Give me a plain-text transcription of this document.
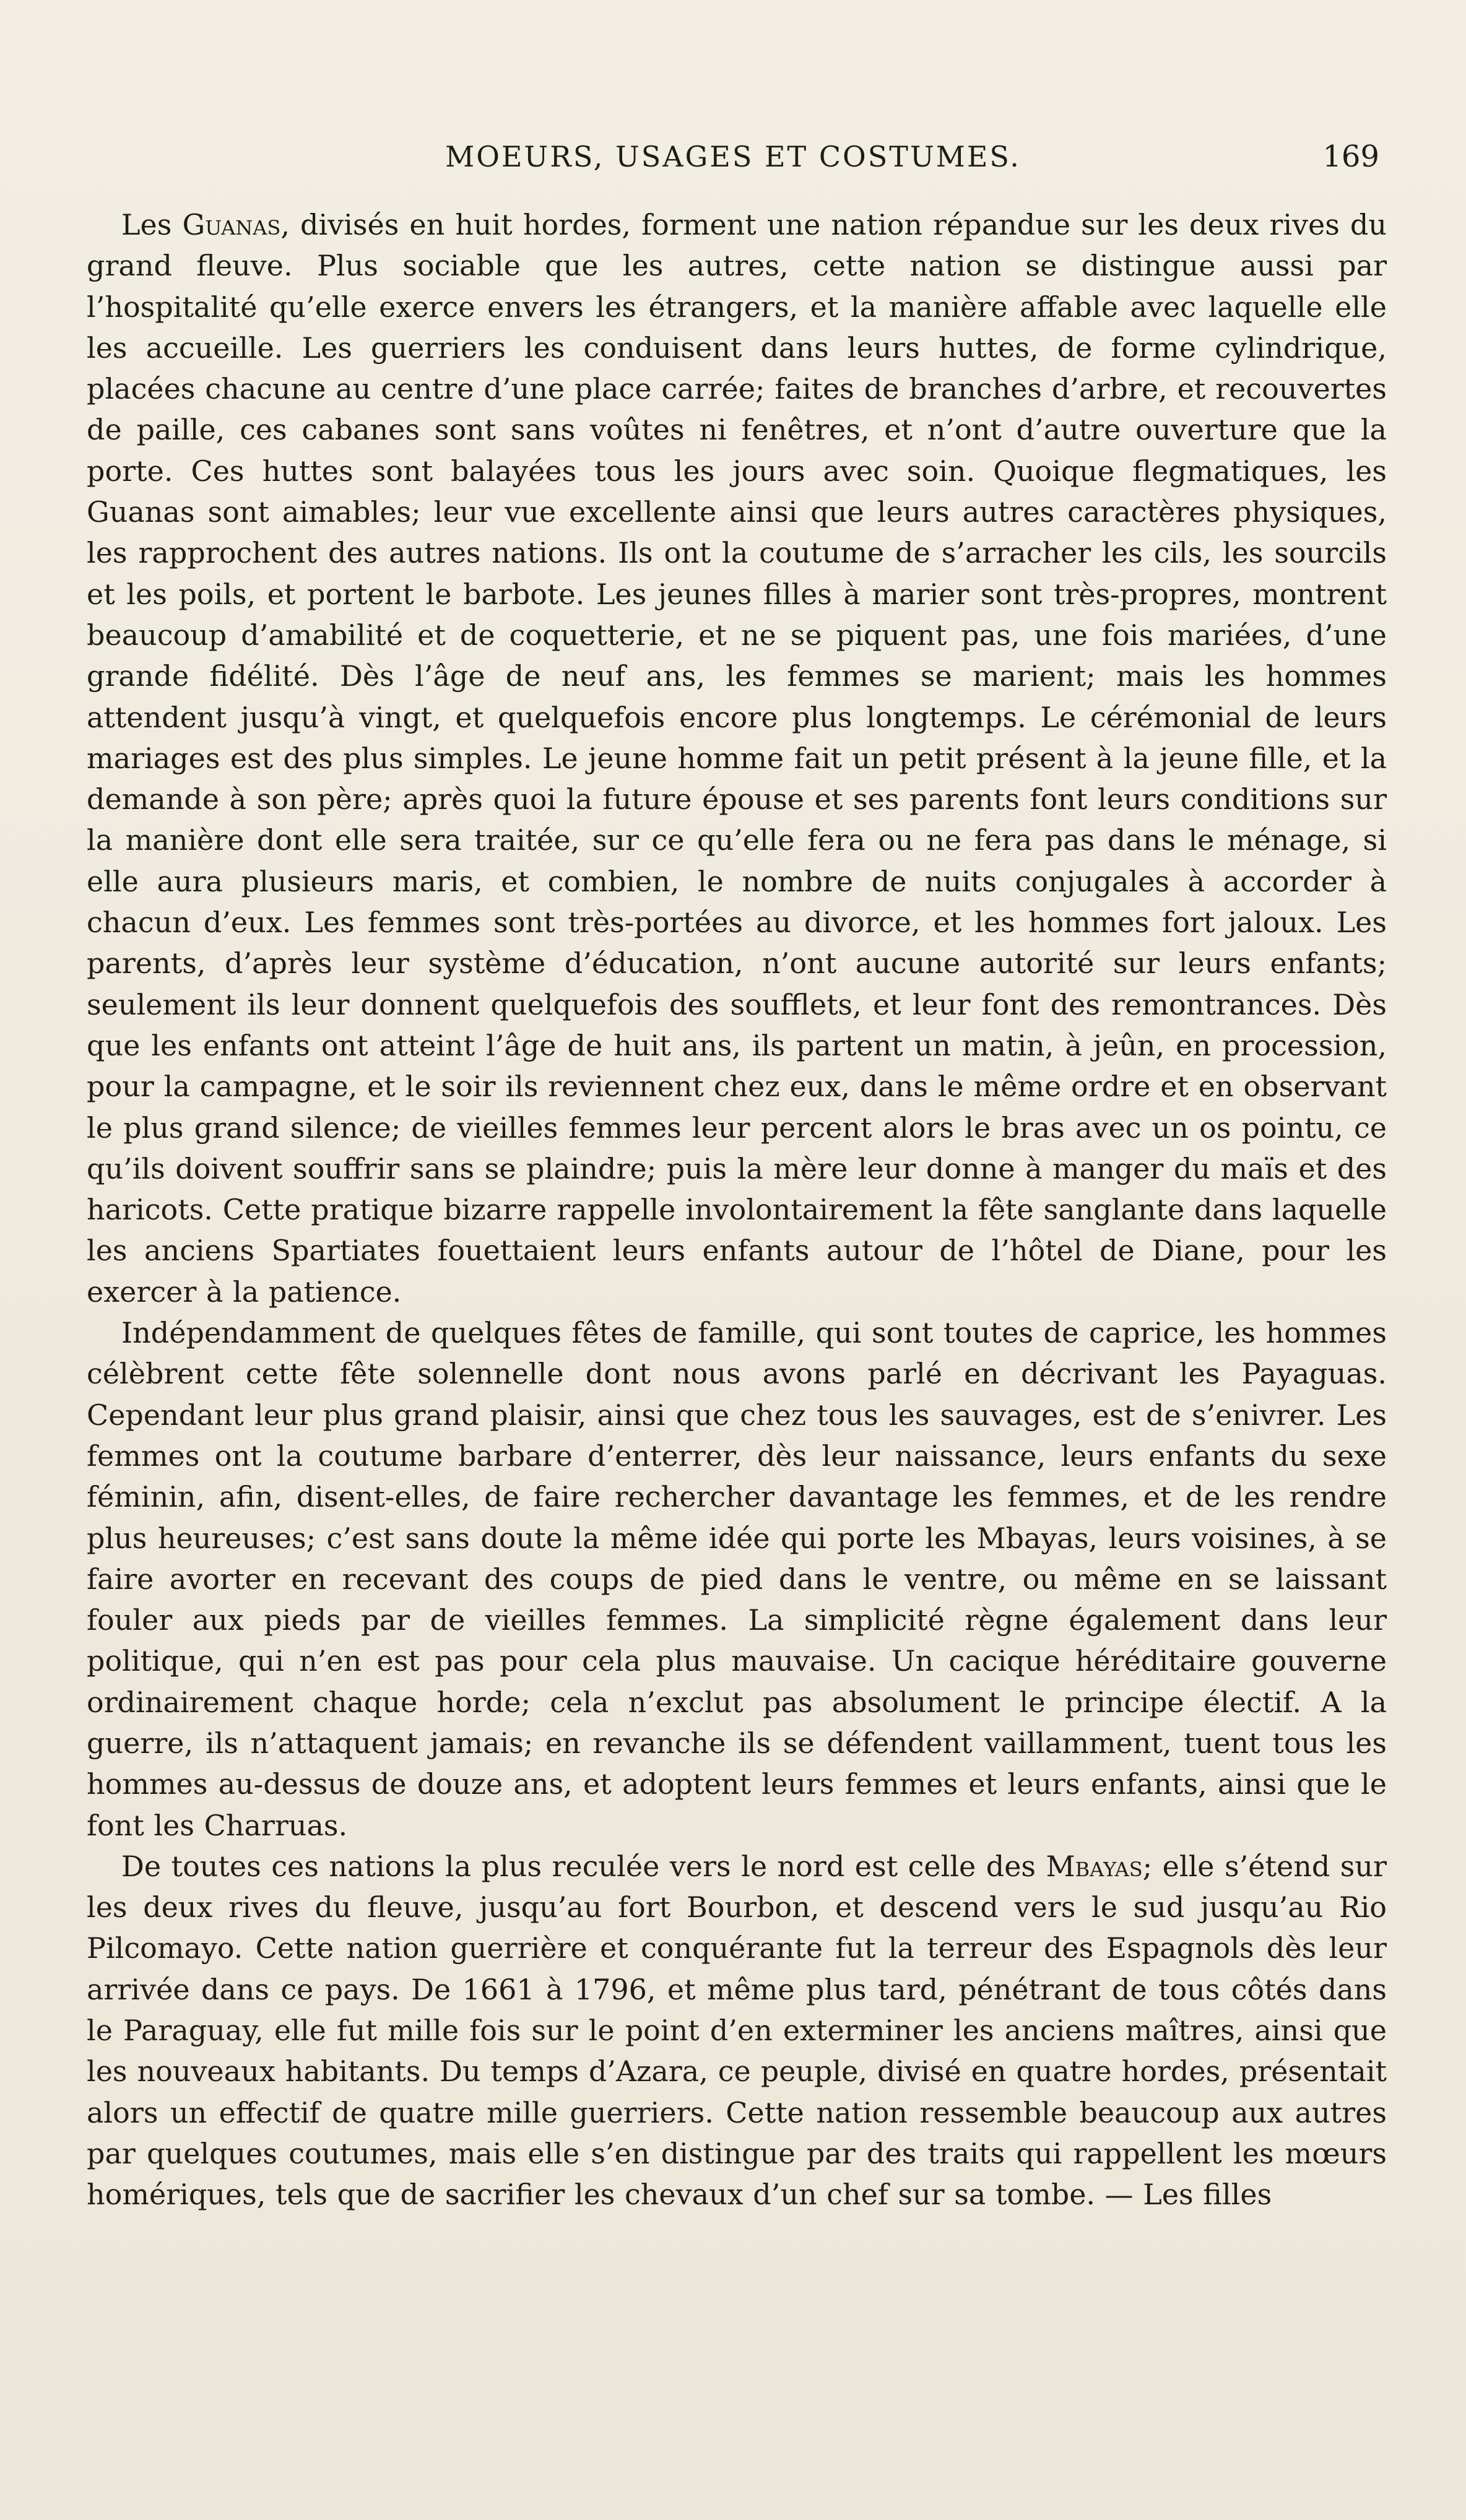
MOEURS, USAGES ET COSTUMES.	169

Les Guanas, divisés en huit hordes, forment une nation répandue sur les deux rives du grand fleuve. Plus sociable que les autres, cette nation se distingue aussi par l’hospitalité qu’elle exerce envers les étrangers, et la manière affable avec laquelle elle les accueille. Les guerriers les conduisent dans leurs huttes, de forme cylindrique, placées chacune au centre d’une place carrée; faites de branches d’arbre, et recouvertes de paille, ces cabanes sont sans voûtes ni fenêtres, et n’ont d’autre ouverture que la porte. Ces huttes sont balayées tous les jours avec soin. Quoique flegmatiques, les Guanas sont aimables; leur vue excellente ainsi que leurs autres caractères physiques, les rapprochent des autres nations. Ils ont la coutume de s’arracher les cils, les sourcils et les poils, et portent le barbote. Les jeunes filles à marier sont très-propres, montrent beaucoup d’amabilité et de coquetterie, et ne se piquent pas, une fois mariées, d’une grande fidélité. Dès l’âge de neuf ans, les femmes se marient; mais les hommes attendent jusqu’à vingt, et quelquefois encore plus longtemps. Le cérémonial de leurs mariages est des plus simples. Le jeune homme fait un petit présent à la jeune fille, et la demande à son père; après quoi la future épouse et ses parents font leurs conditions sur la manière dont elle sera traitée, sur ce qu’elle fera ou ne fera pas dans le ménage, si elle aura plusieurs maris, et combien, le nombre de nuits conjugales à accorder à chacun d’eux. Les femmes sont très-portées au divorce, et les hommes fort jaloux. Les parents, d’après leur système d’éducation, n’ont aucune autorité sur leurs enfants; seulement ils leur donnent quelquefois des soufflets, et leur font des remontrances. Dès que les enfants ont atteint l’âge de huit ans, ils partent un matin, à jeûn, en procession, pour la campagne, et le soir ils reviennent chez eux, dans le même ordre et en observant le plus grand silence; de vieilles femmes leur percent alors le bras avec un os pointu, ce qu’ils doivent souffrir sans se plaindre; puis la mère leur donne à manger du maïs et des haricots. Cette pratique bizarre rappelle involontairement la fête sanglante dans laquelle les anciens Spartiates fouettaient leurs enfants autour de l’hôtel de Diane, pour les exercer à la patience.

Indépendamment de quelques fêtes de famille, qui sont toutes de caprice, les hommes célèbrent cette fête solennelle dont nous avons parlé en décrivant les Payaguas. Cependant leur plus grand plaisir, ainsi que chez tous les sauvages, est de s’enivrer. Les femmes ont la coutume barbare d’enterrer, dès leur naissance, leurs enfants du sexe féminin, afin, disent-elles, de faire rechercher davantage les femmes, et de les rendre plus heureuses; c’est sans doute la même idée qui porte les Mbayas, leurs voisines, à se faire avorter en recevant des coups de pied dans le ventre, ou même en se laissant fouler aux pieds par de vieilles femmes. La simplicité règne également dans leur politique, qui n’en est pas pour cela plus mauvaise. Un cacique héréditaire gouverne ordinairement chaque horde; cela n’exclut pas absolument le principe électif. A la guerre, ils n’attaquent jamais; en revanche ils se défendent vaillamment, tuent tous les hommes au-dessus de douze ans, et adoptent leurs femmes et leurs enfants, ainsi que le font les Charruas.

De toutes ces nations la plus reculée vers le nord est celle des Mbayas; elle s’étend sur les deux rives du fleuve, jusqu’au fort Bourbon, et descend vers le sud jusqu’au Rio Pilcomayo. Cette nation guerrière et conquérante fut la terreur des Espagnols dès leur arrivée dans ce pays. De 1661 à 1796, et même plus tard, pénétrant de tous côtés dans le Paraguay, elle fut mille fois sur le point d’en exterminer les anciens maîtres, ainsi que les nouveaux habitants. Du temps d’Azara, ce peuple, divisé en quatre hordes, présentait alors un effectif de quatre mille guerriers. Cette nation ressemble beaucoup aux autres par quelques coutumes, mais elle s’en distingue par des traits qui rappellent les mœurs homériques, tels que de sacrifier les chevaux d’un chef sur sa tombe. — Les filles
